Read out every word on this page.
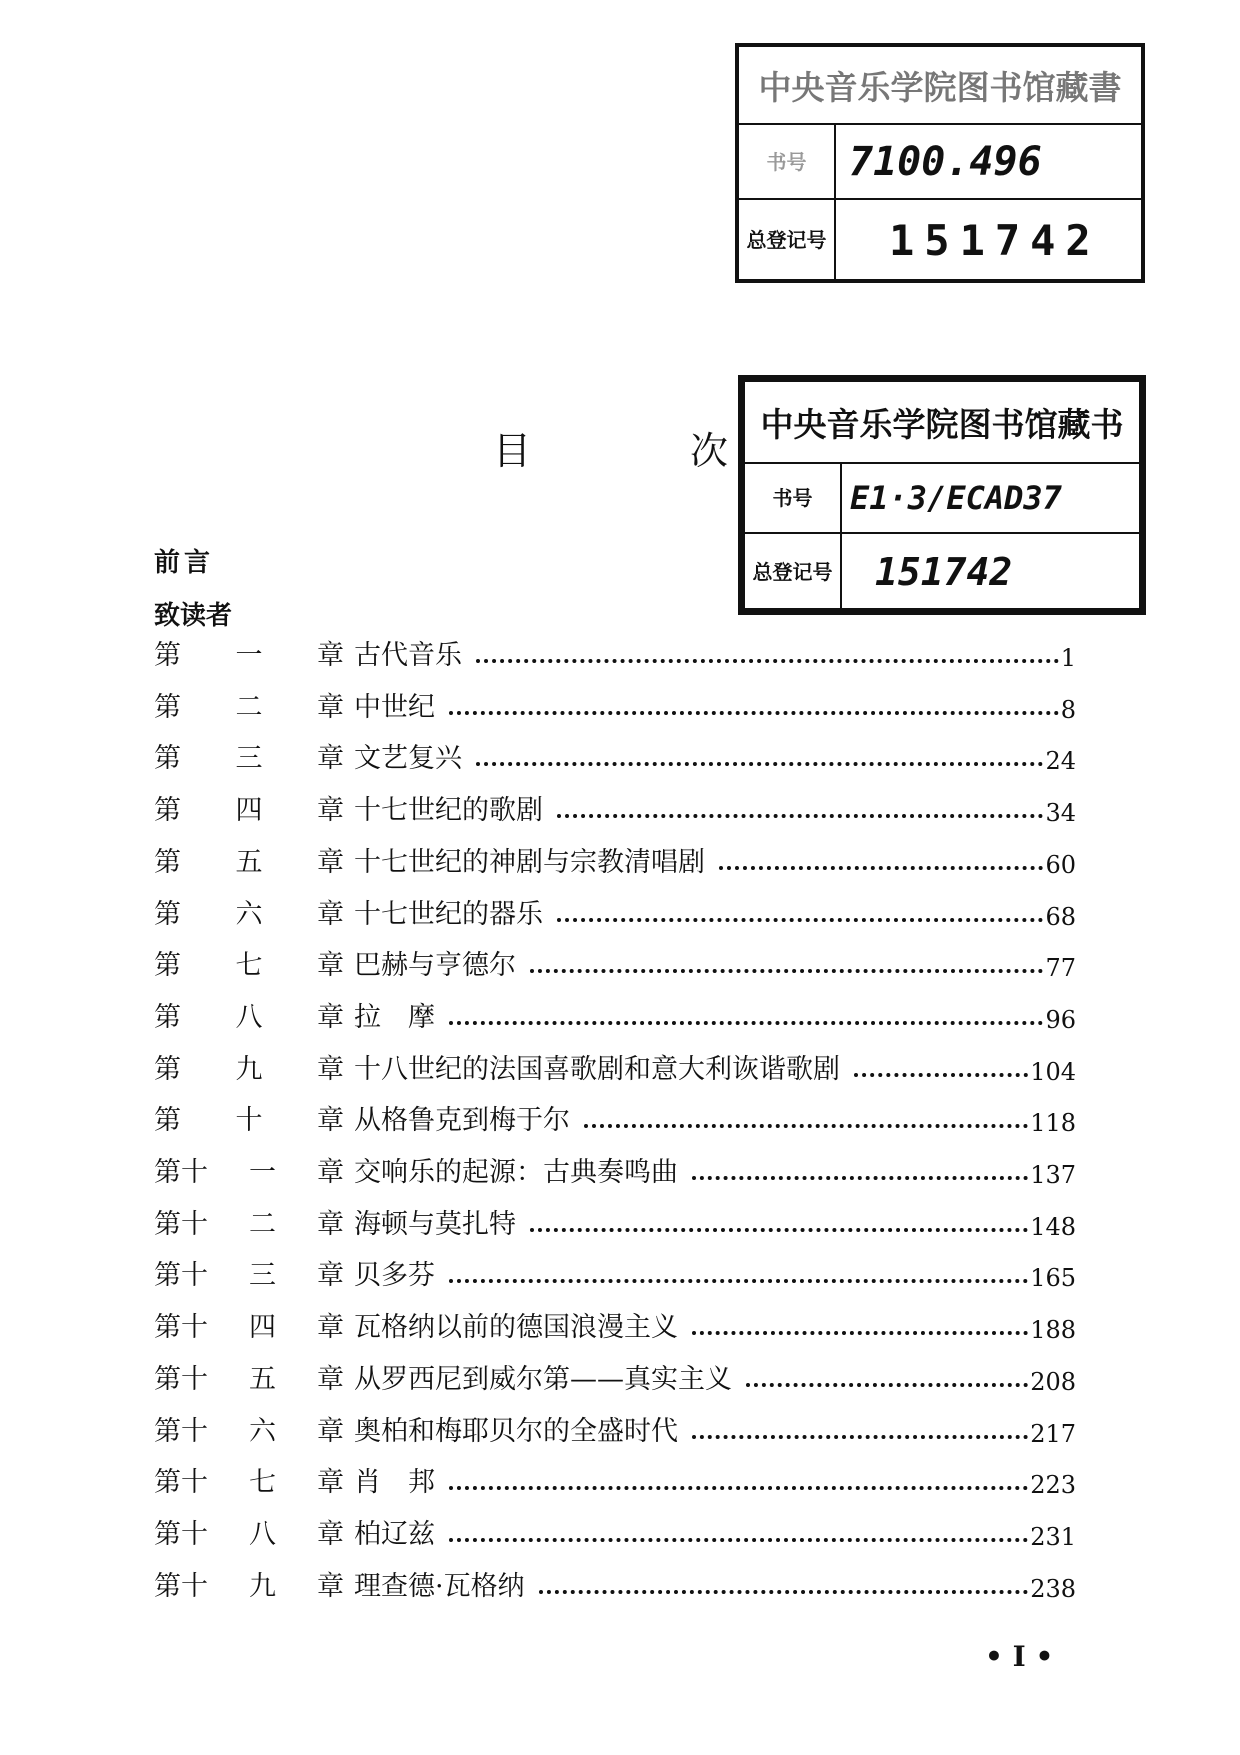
中央音乐学院图书馆藏書
书号	7100.496
总登记号 151742
中央音乐学院图书馆藏书
书号	E1·3/ECAD37
总登记号 151742
目	次
前言
致读者
第 一 章 古代音乐	1
第 二 章 中世纪	8
第 三 章 文艺复兴	24
第 四 章 十七世纪的歌剧	34
第 五 章 十七世纪的神剧与宗教清唱剧	60
第 六 章 十七世纪的器乐	68
第 七 章 巴赫与亨德尔	77
第 八 章 拉　摩	96
第 九 章 十八世纪的法国喜歌剧和意大利诙谐歌剧	104
第 十 章 从格鲁克到梅于尔	118
第十 一 章 交响乐的起源：古典奏鸣曲	137
第十 二 章 海顿与莫扎特	148
第十 三 章 贝多芬	165
第十 四 章 瓦格纳以前的德国浪漫主义	188
第十 五 章 从罗西尼到威尔第——真实主义	208
第十 六 章 奥柏和梅耶贝尔的全盛时代	217
第十 七 章 肖　邦	223
第十 八 章 柏辽兹	231
第十 九 章 理查德·瓦格纳	238
• I •
